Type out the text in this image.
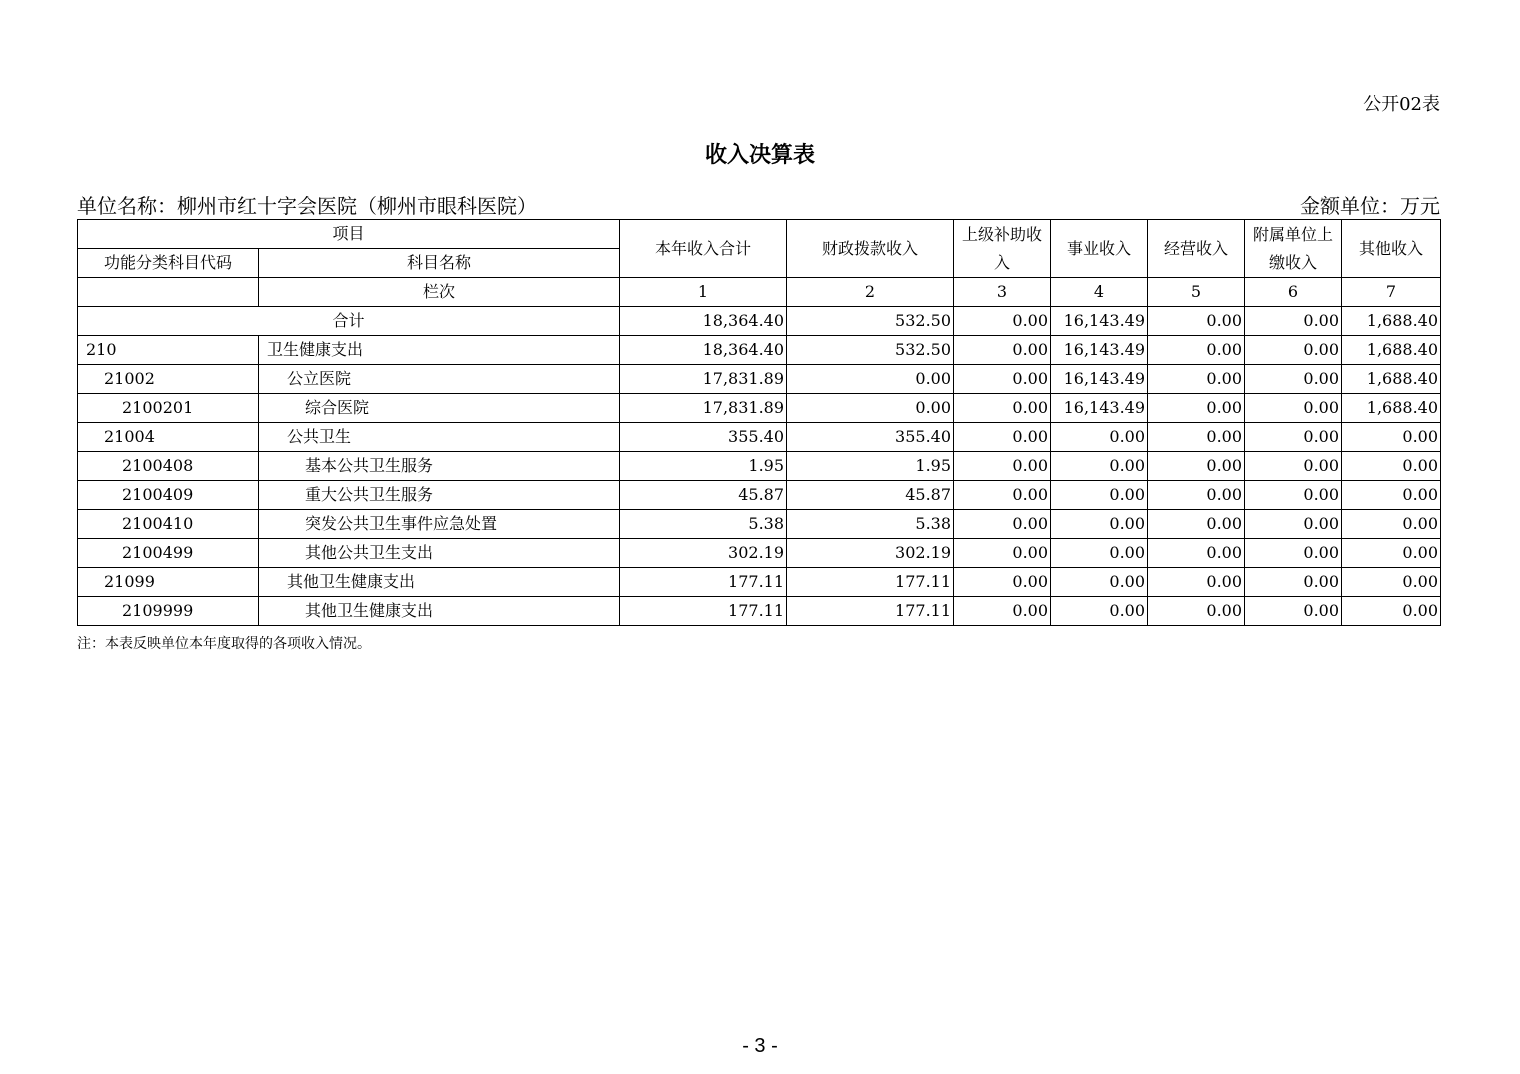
公开02表
收入决算表
单位名称：柳州市红十字会医院（柳州市眼科医院）	金额单位：万元
项目		本年收入合计	财政拨款收入	上级补助收入	事业收入	经营收入	附属单位上缴收入	其他收入
功能分类科目代码	科目名称							
	栏次	1	2	3	4	5	6	7
合计		18,364.40	532.50	0.00	16,143.49	0.00	0.00	1,688.40
210	卫生健康支出	18,364.40	532.50	0.00	16,143.49	0.00	0.00	1,688.40
21002	公立医院	17,831.89	0.00	0.00	16,143.49	0.00	0.00	1,688.40
2100201	综合医院	17,831.89	0.00	0.00	16,143.49	0.00	0.00	1,688.40
21004	公共卫生	355.40	355.40	0.00	0.00	0.00	0.00	0.00
2100408	基本公共卫生服务	1.95	1.95	0.00	0.00	0.00	0.00	0.00
2100409	重大公共卫生服务	45.87	45.87	0.00	0.00	0.00	0.00	0.00
2100410	突发公共卫生事件应急处置	5.38	5.38	0.00	0.00	0.00	0.00	0.00
2100499	其他公共卫生支出	302.19	302.19	0.00	0.00	0.00	0.00	0.00
21099	其他卫生健康支出	177.11	177.11	0.00	0.00	0.00	0.00	0.00
2109999	其他卫生健康支出	177.11	177.11	0.00	0.00	0.00	0.00	0.00
注：本表反映单位本年度取得的各项收入情况。
- 3 -
